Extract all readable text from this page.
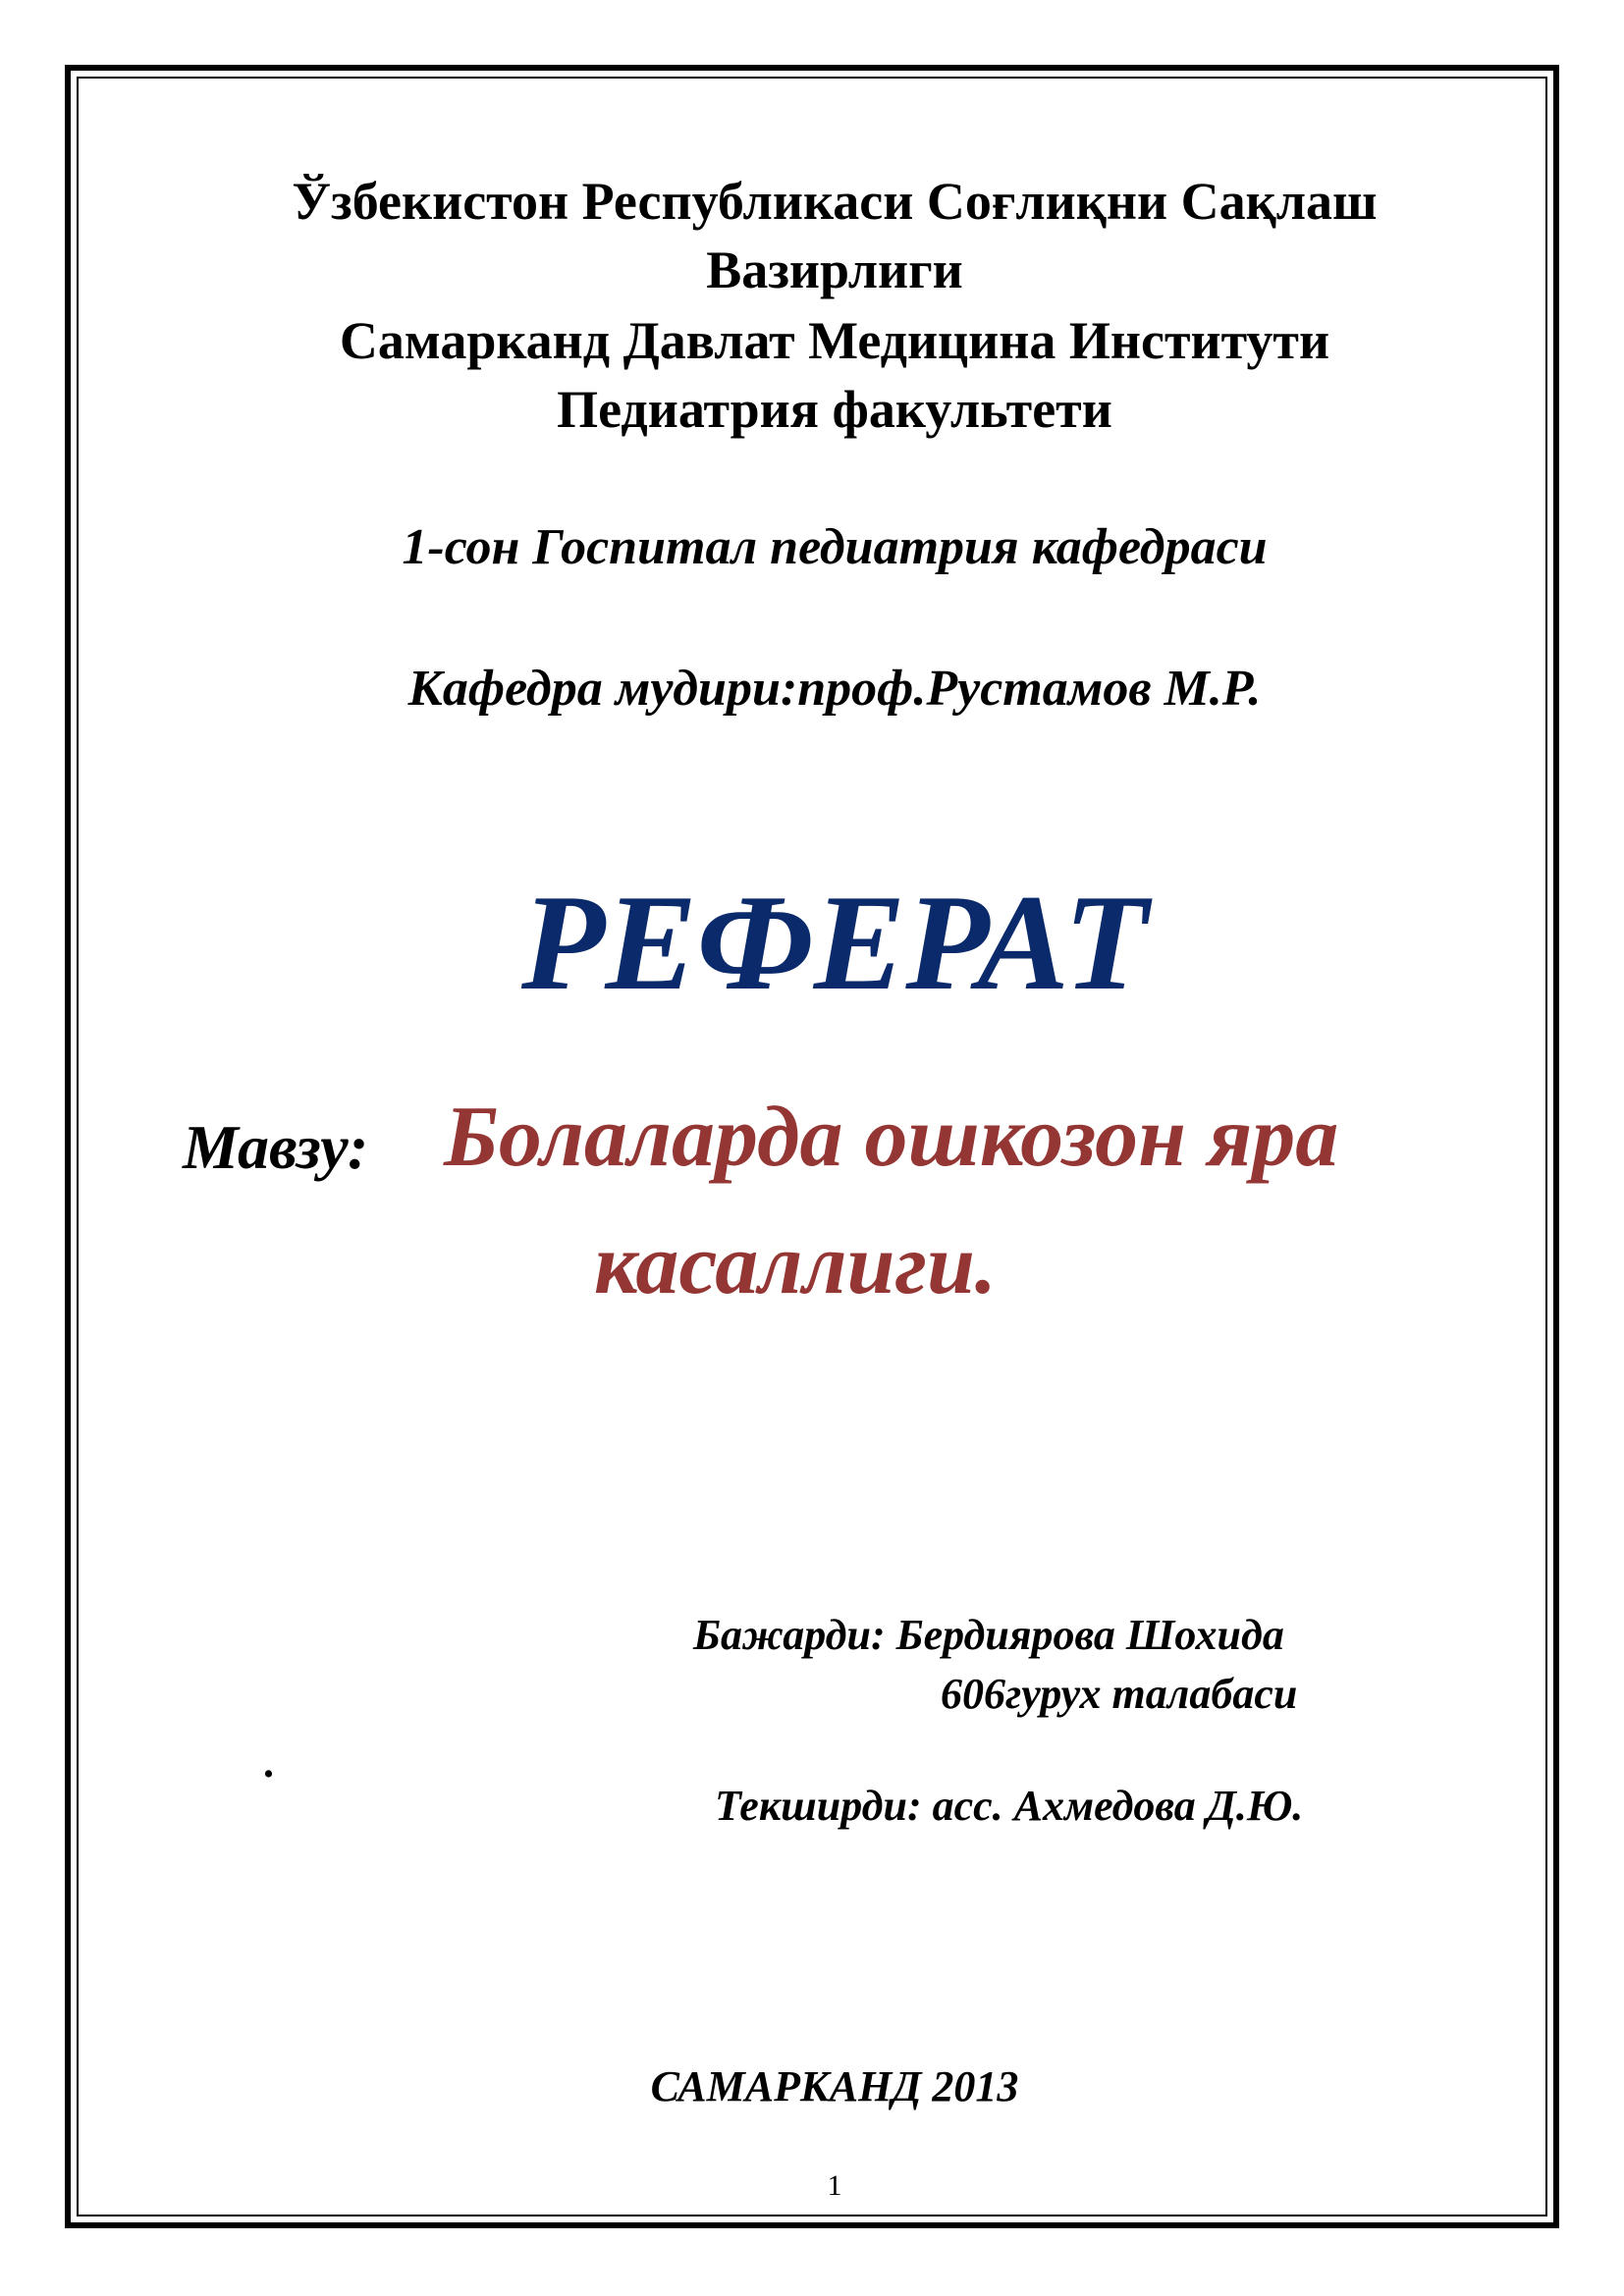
Ўзбекистон Республикаси Соғлиқни Сақлаш
Вазирлиги
Самарканд Давлат Медицина Институти
Педиатрия факультети
1-сон Госпитал педиатрия кафедраси
Кафедра мудири:проф.Рустамов М.Р.
РЕФЕРАТ
Мавзу: Болаларда ошкозон яра
касаллиги.
Бажарди: Бердиярова Шохида
606гурух талабаси
.
Текширди: асс. Ахмедова Д.Ю.
САМАРКАНД 2013
1
